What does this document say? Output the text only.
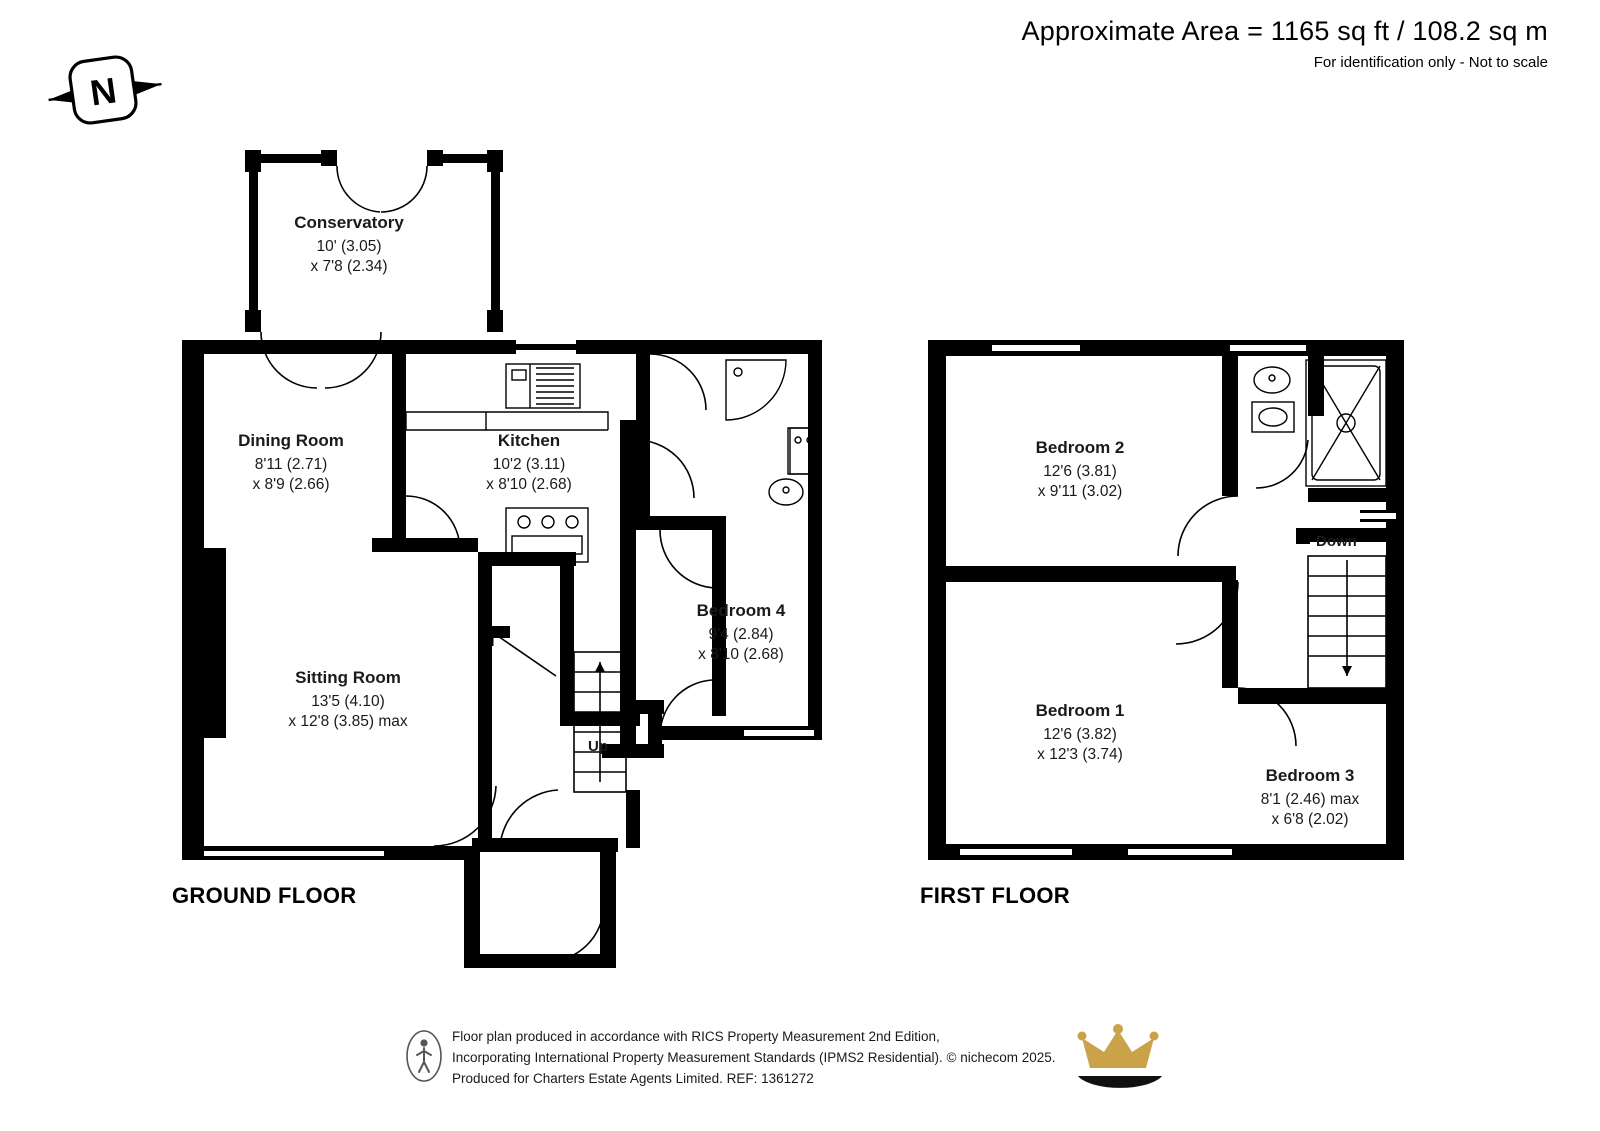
Approximate Area = 1165 sq ft / 108.2 sq m
For identification only - Not to scale
N
Conservatory
10' (3.05)
x 7'8 (2.34)
Dining Room
8'11 (2.71)
x 8'9 (2.66)
Kitchen
10'2 (3.11)
x 8'10 (2.68)
Bedroom 4
9'4 (2.84)
x 8'10 (2.68)
Sitting Room
13'5 (4.10)
x 12'8 (3.85) max
Up
Bedroom 2
12'6 (3.81)
x 9'11 (3.02)
Bedroom 1
12'6 (3.82)
x 12'3 (3.74)
Bedroom 3
8'1 (2.46) max
x 6'8 (2.02)
Down
GROUND FLOOR	FIRST FLOOR
Floor plan produced in accordance with RICS Property Measurement 2nd Edition,
Incorporating International Property Measurement Standards (IPMS2 Residential). © nichecom 2025.
Produced for Charters Estate Agents Limited. REF: 1361272
